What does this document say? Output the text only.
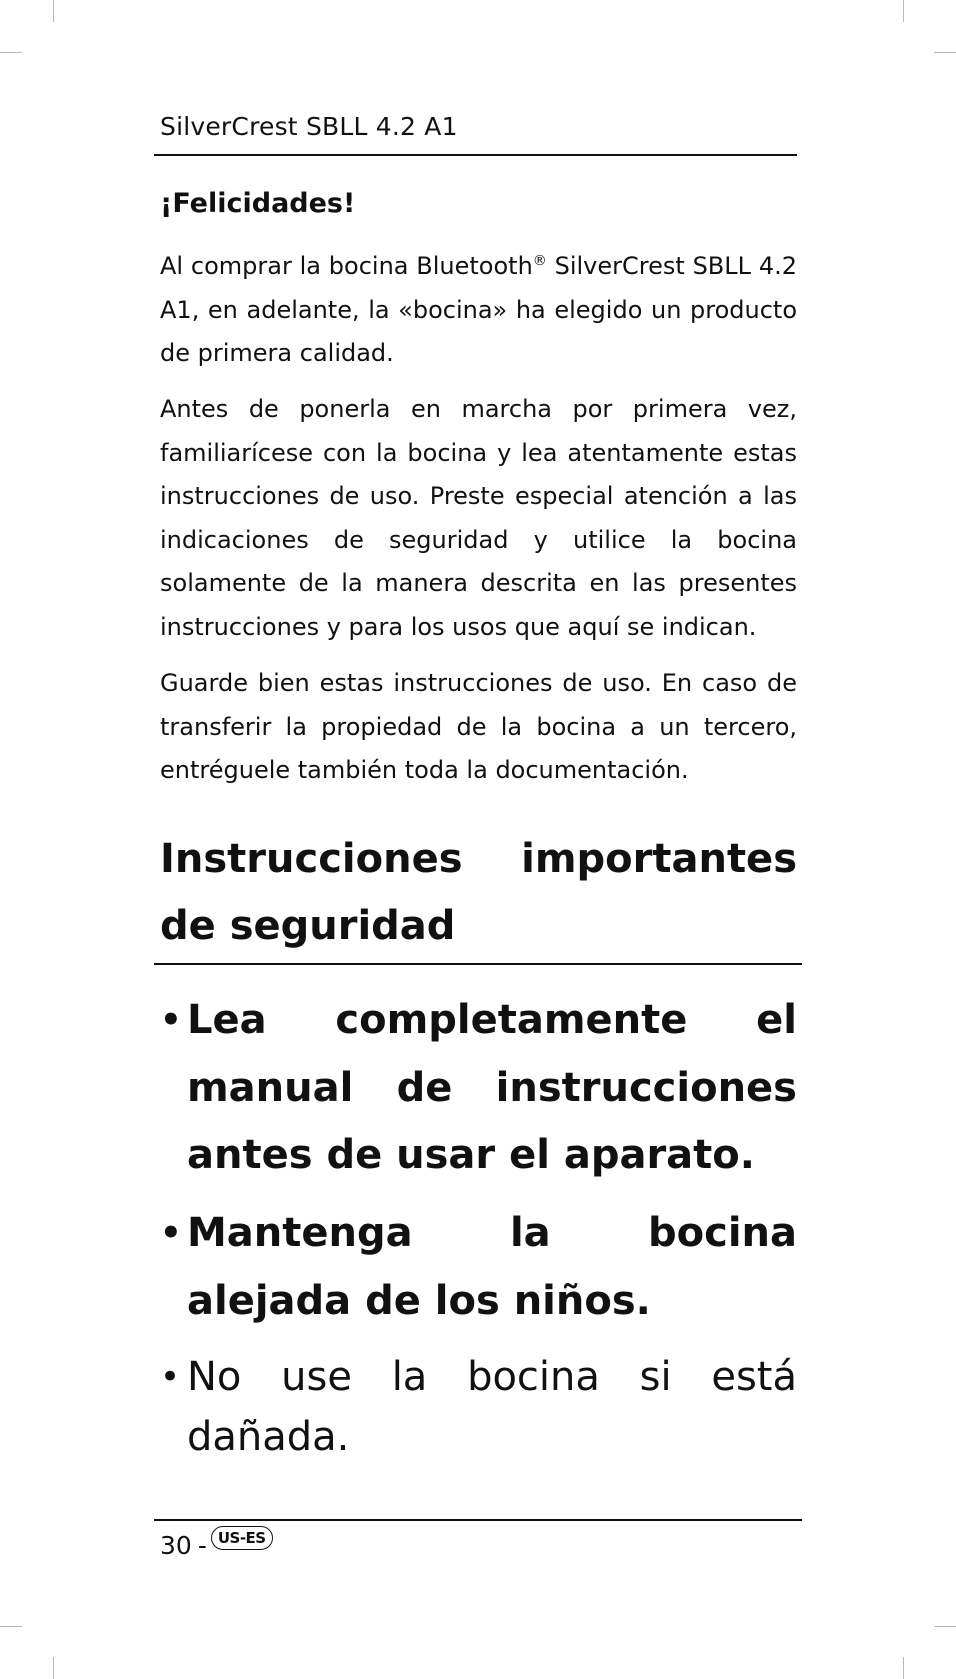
SilverCrest SBLL 4.2 A1
¡Felicidades!

Al comprar la bocina Bluetooth® SilverCrest SBLL 4.2 A1, en adelante, la «bocina» ha elegido un producto de primera calidad.

Antes de ponerla en marcha por primera vez, familiarícese con la bocina y lea atentamente estas instrucciones de uso. Preste especial atención a las indicaciones de seguridad y utilice la bocina solamente de la manera descrita en las presentes instrucciones y para los usos que aquí se indican.

Guarde bien estas instrucciones de uso. En caso de transferir la propiedad de la bocina a un tercero, entréguele también toda la documentación.

Instrucciones importantes de seguridad
• Lea completamente el manual de instrucciones antes de usar el aparato.
• Mantenga la bocina alejada de los niños.
• No use la bocina si está dañada.
30 - US-ES
